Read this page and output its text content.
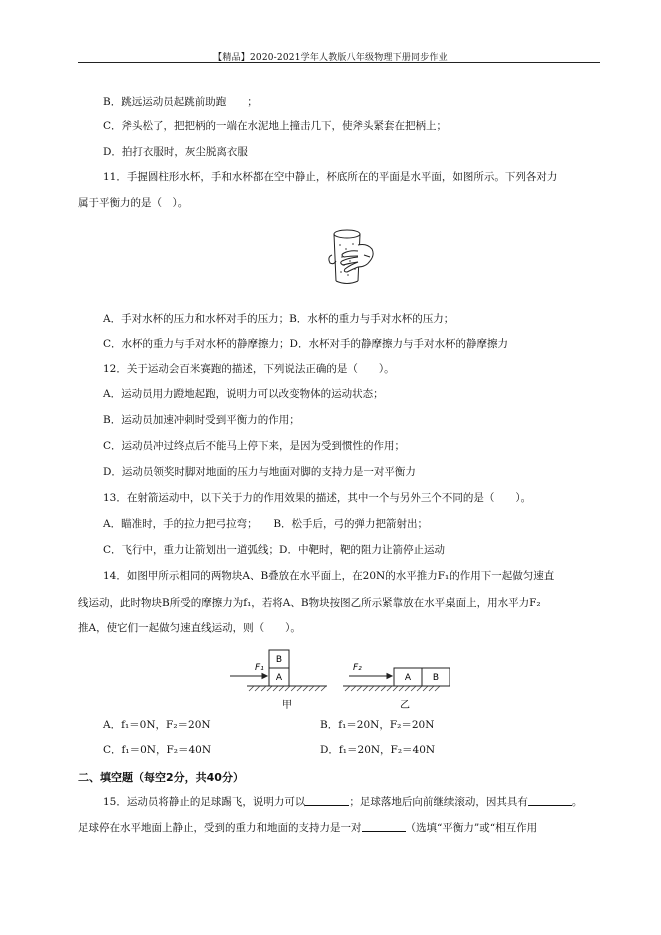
【精品】2020-2021学年人教版八年级物理下册同步作业
B．跳远运动员起跳前助跑　　；
C．斧头松了，把把柄的一端在水泥地上撞击几下，使斧头紧套在把柄上；
D．拍打衣服时，灰尘脱离衣服
11．手握圆柱形水杯，手和水杯都在空中静止，杯底所在的平面是水平面，如图所示。下列各对力
属于平衡力的是（　）。
A．手对水杯的压力和水杯对手的压力；B．水杯的重力与手对水杯的压力；
C．水杯的重力与手对水杯的静摩擦力；D．水杯对手的静摩擦力与手对水杯的静摩擦力
12．关于运动会百米赛跑的描述，下列说法正确的是（　　）。
A．运动员用力蹬地起跑，说明力可以改变物体的运动状态；
B．运动员加速冲刺时受到平衡力的作用；
C．运动员冲过终点后不能马上停下来，是因为受到惯性的作用；
D．运动员领奖时脚对地面的压力与地面对脚的支持力是一对平衡力
13．在射箭运动中，以下关于力的作用效果的描述，其中一个与另外三个不同的是（　　）。
A．瞄准时，手的拉力把弓拉弯；　　B．松手后，弓的弹力把箭射出；
C．飞行中，重力让箭划出一道弧线；D．中靶时，靶的阻力让箭停止运动
14．如图甲所示相同的两物块A、B叠放在水平面上，在20N的水平推力F₁的作用下一起做匀速直
线运动，此时物块B所受的摩擦力为f₁，若将A、B物块按图乙所示紧靠放在水平桌面上，用水平力F₂
推A，使它们一起做匀速直线运动，则（　　）。
B
A
F₁
A B
F₂
甲	乙
A．f₁＝0N，F₂＝20N	B．f₁＝20N，F₂＝20N
C．f₁＝0N，F₂＝40N	D．f₁＝20N，F₂＝40N
二、填空题（每空2分，共40分）
15．运动员将静止的足球踢飞，说明力可以	；足球落地后向前继续滚动，因其具有	。
足球停在水平地面上静止，受到的重力和地面的支持力是一对	（选填“平衡力”或“相互作用
